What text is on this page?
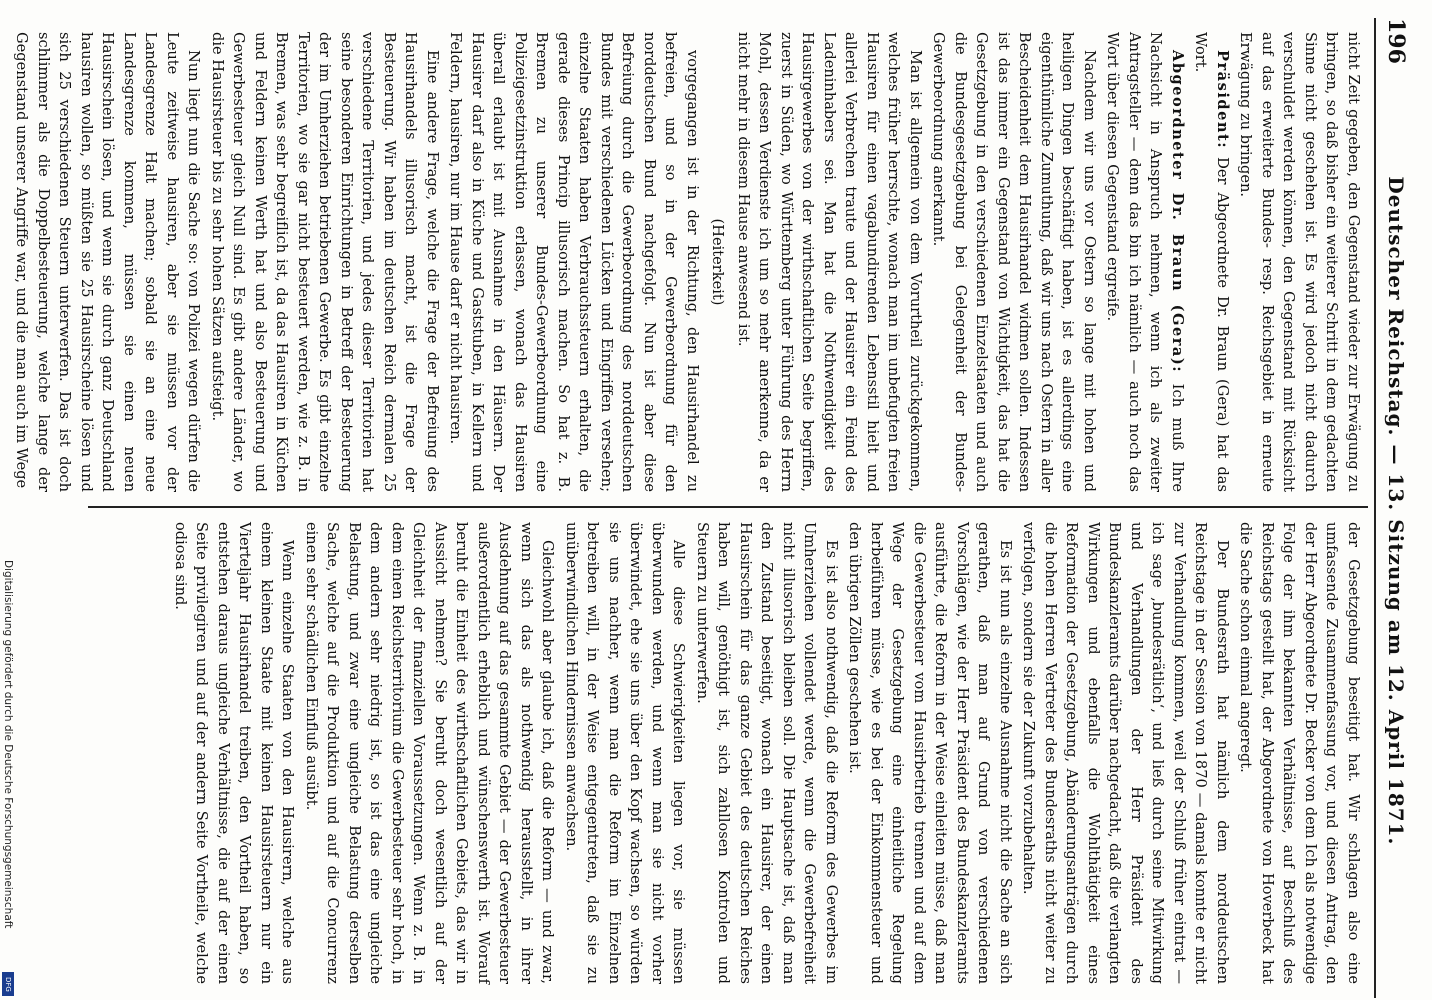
196
Deutscher Reichstag. — 13. Sitzung am 12. April 1871.

nicht Zeit gegeben, den Gegenstand wieder zur Erwägung zu bringen, so daß bisher ein weiterer Schritt in dem gedachten Sinne nicht geschehen ist. Es wird jedoch nicht dadurch verschuldet werden können, den Gegenstand mit Rücksicht auf das erweiterte Bundes- resp. Reichsgebiet in erneute Erwägung zu bringen.

Präsident: Der Abgeordnete Dr. Braun (Gera) hat das Wort.

Abgeordneter Dr. Braun (Gera): Ich muß Ihre Nachsicht in Anspruch nehmen, wenn ich als zweiter Antragsteller — denn das bin ich nämlich — auch noch das Wort über diesen Gegenstand ergreife.

Nachdem wir uns vor Ostern so lange mit hohen und heiligen Dingen beschäftigt haben, ist es allerdings eine eigenthümliche Zumuthung, daß wir uns nach Ostern in aller Bescheidenheit dem Hausirhandel widmen sollen. Indessen ist das immer ein Gegenstand von Wichtigkeit, das hat die Gesetzgebung in den verschiedenen Einzelstaaten und auch die Bundesgesetzgebung bei Gelegenheit der Bundes-Gewerbeordnung anerkannt.

Man ist allgemein von dem Vorurtheil zurückgekommen, welches früher herrschte, wonach man im unbefugten freien Hausiren für einen vagabundirenden Lebensstil hielt und allerlei Verbrechen traute und der Hausirer ein Feind des Ladeninhabers sei. Man hat die Nothwendigkeit des Hausirgewerbes von der wirthschaftlichen Seite begriffen, zuerst in Süden, wo Württemberg unter Führung des Herrn Mohl, dessen Verdienste ich um so mehr anerkenne, da er nicht mehr in diesem Hause anwesend ist.

(Heiterkeit)

vorgegangen ist in der Richtung, den Hausirhandel zu befreien, und so in der Gewerbeordnung für den norddeutschen Bund nachgefolgt. Nun ist aber diese Befreiung durch die Gewerbeordnung des norddeutschen Bundes mit verschiedenen Lücken und Eingriffen versehen; einzelne Staaten haben Verbrauchssteuern erhalten, die gerade dieses Princip illusorisch machen. So hat z. B. Bremen zu unserer Bundes-Gewerbeordnung eine Polizeigesetzinstruktion erlassen, wonach das Hausiren überall erlaubt ist mit Ausnahme in den Häusern. Der Hausirer darf also in Küche und Gaststuben, in Kellern und Feldern, hausiren, nur im Hause darf er nicht hausiren.

Eine andere Frage, welche die Frage der Befreiung des Hausirhandels illusorisch macht, ist die Frage der Besteuerung. Wir haben im deutschen Reich dermalen 25 verschiedene Territorien, und jedes dieser Territorien hat seine besonderen Einrichtungen in Betreff der Besteuerung der im Umherziehen betriebenen Gewerbe. Es gibt einzelne Territorien, wo sie gar nicht besteuert werden, wie z. B. in Bremen, was sehr begreiflich ist, da das Hausiren in Küchen und Feldern keinen Werth hat und also Besteuerung und Gewerbesteuer gleich Null sind. Es gibt andere Länder, wo die Hausirsteuer bis zu sehr hohen Sätzen aufsteigt.

Nun liegt nun die Sache so: von Polizei wegen dürfen die Leute zeitweise hausiren, aber sie müssen vor der Landesgrenze Halt machen; sobald sie an eine neue Landesgrenze kommen, müssen sie einen neuen Hausirschein lösen, und wenn sie durch ganz Deutschland hausiren wollen, so müßten sie 25 Hausirscheine lösen und sich 25 verschiedenen Steuern unterwerfen. Das ist doch schlimmer als die Doppelbesteuerung, welche lange der Gegenstand unserer Angriffe war, und die man auch im Wege

der Gesetzgebung beseitigt hat. Wir schlagen also eine umfassende Zusammenfassung vor, und diesen Antrag, den der Herr Abgeordnete Dr. Becker von dem Ich als notwendige Folge der ihm bekannten Verhältnisse, auf Beschluß des Reichstags gestellt hat, der Abgeordnete von Hoverbeck hat die Sache schon einmal angeregt.

Der Bundesrath hat nämlich dem norddeutschen Reichstage in der Session von 1870 — damals konnte er nicht zur Verhandlung kommen, weil der Schluß früher eintrat — ich sage ‚bundesrätlich‘, und ließ durch seine Mitwirkung und Verhandlungen der Herr Präsident des Bundeskanzleramts darüber nachgedacht, daß die verlangten Wirkungen und ebenfalls die Wohlthätigkeit eines Reformation der Gesetzgebung, Abänderungsanträgen durch die hohen Herren Vertreter des Bundesraths nicht weiter zu verfolgen, sondern sie der Zukunft vorzubehalten.

Es ist nun als einzelne Ausnahme nicht die Sache an sich gerathen, daß man auf Grund von verschiedenen Vorschlägen, wie der Herr Präsident des Bundeskanzleramts ausführte, die Reform in der Weise einleiten müsse, daß man die Gewerbesteuer vom Hausirbetrieb trennen und auf dem Wege der Gesetzgebung eine einheitliche Regelung herbeiführen müsse, wie es bei der Einkommensteuer und den übrigen Zöllen geschehen ist.

Es ist also nothwendig, daß die Reform des Gewerbes im Umherziehen vollendet werde, wenn die Gewerbefreiheit nicht illusorisch bleiben soll. Die Hauptsache ist, daß man den Zustand beseitigt, wonach ein Hausirer, der einen Hausirschein für das ganze Gebiet des deutschen Reiches haben will, genöthigt ist, sich zahllosen Kontrolen und Steuern zu unterwerfen.

Alle diese Schwierigkeiten liegen vor, sie müssen überwunden werden, und wenn man sie nicht vorher überwindet, ehe sie uns über den Kopf wachsen, so würden sie uns nachher, wenn man die Reform im Einzelnen betreiben will, in der Weise entgegentreten, daß sie zu unüberwindlichen Hindernissen anwachsen.

Gleichwohl aber glaube ich, daß die Reform — und zwar, wenn sich das als nothwendig herausstellt, in ihrer Ausdehnung auf das gesammte Gebiet — der Gewerbesteuer außerordentlich erheblich und wünschenswerth ist. Worauf beruht die Einheit des wirthschaftlichen Gebiets, das wir in Aussicht nehmen? Sie beruht doch wesentlich auf der Gleichheit der finanziellen Voraussetzungen. Wenn z. B. in dem einen Reichsterritorium die Gewerbesteuer sehr hoch, in dem andern sehr niedrig ist, so ist das eine ungleiche Belastung, und zwar eine ungleiche Belastung derselben Sache, welche auf die Produktion und auf die Concurrenz einen sehr schädlichen Einfluß ausübt.

Wenn einzelne Staaten von den Hausirern, welche aus einem kleinen Staate mit keinen Hausirsteuern nur ein Vierteljahr Hausirhandel treiben, den Vortheil haben, so entstehen daraus ungleiche Verhältnisse, die auf der einen Seite privilegiren und auf der andern Seite Vortheile, welche odiosa sind.

Digitalisierung gefördert durch die Deutsche Forschungsgemeinschaft
DFG
